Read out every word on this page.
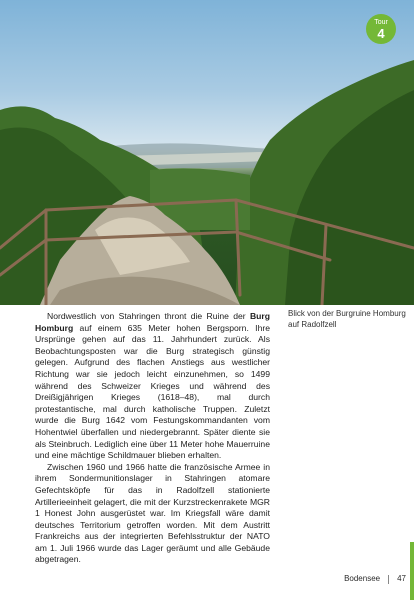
Tour
4

Blick von der Burgruine Homburg auf Radolfzell

Nordwestlich von Stahringen thront die Ruine der Burg Homburg auf einem 635 Meter hohen Bergsporn. Ihre Ursprünge gehen auf das 11. Jahrhundert zurück. Als Beobachtungsposten war die Burg strategisch günstig gelegen. Aufgrund des flachen Anstiegs aus westlicher Richtung war sie jedoch leicht einzunehmen, so 1499 während des Schweizer Krieges und während des Dreißigjährigen Krieges (1618–48), mal durch protestantische, mal durch katholische Truppen. Zuletzt wurde die Burg 1642 vom Festungskommandanten vom Hohentwiel überfallen und niedergebrannt. Später diente sie als Steinbruch. Lediglich eine über 11 Meter hohe Mauerruine und eine mächtige Schildmauer blieben erhalten.

Zwischen 1960 und 1966 hatte die französische Armee in ihrem Sondermunitionslager in Stahringen atomare Gefechtsköpfe für das in Radolfzell stationierte Artillerieeinheit gelagert, die mit der Kurzstreckenrakete MGR 1 Honest John ausgerüstet war. Im Kriegsfall wäre damit deutsches Territorium getroffen worden. Mit dem Austritt Frankreichs aus der integrierten Befehlsstruktur der NATO am 1. Juli 1966 wurde das Lager geräumt und alle Gebäude abgetragen.

Bodensee 47
